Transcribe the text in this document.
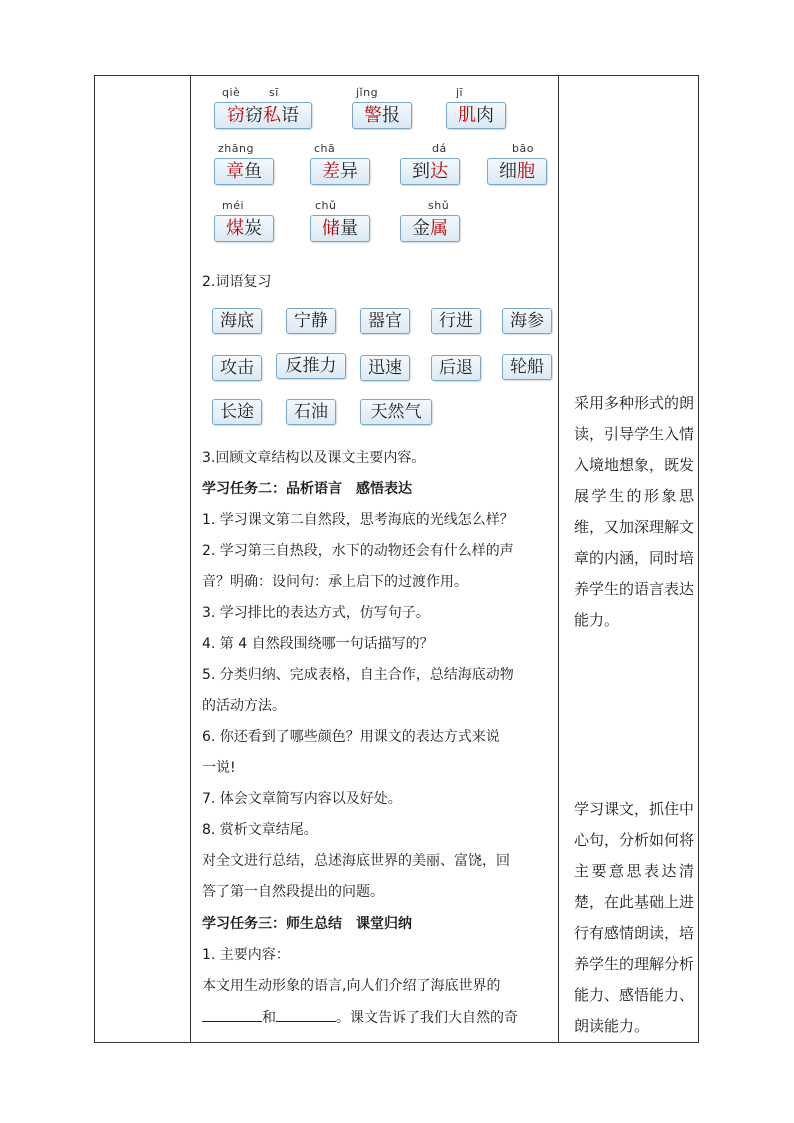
qiè	sī
窃窃私语
jǐng
警报
jī
肌肉
zhāng
章鱼
chā
差异
dá
到达
bāo
细胞
méi
煤炭
chǔ
储量
shǔ
金属
2.词语复习
海底	宁静	器官	行进	海参
攻击	反推力	迅速	后退	轮船
长途	石油	天然气
3.回顾文章结构以及课文主要内容。
学习任务二：品析语言　感悟表达
1. 学习课文第二自然段，思考海底的光线怎么样？
2. 学习第三自热段，水下的动物还会有什么样的声
音？明确：设问句：承上启下的过渡作用。
3. 学习排比的表达方式，仿写句子。
4. 第 4 自然段围绕哪一句话描写的？
5. 分类归纳、完成表格，自主合作，总结海底动物
的活动方法。
6. 你还看到了哪些颜色？用课文的表达方式来说
一说!
7. 体会文章简写内容以及好处。
8. 赏析文章结尾。
对全文进行总结，总述海底世界的美丽、富饶，回
答了第一自然段提出的问题。
学习任务三：师生总结　课堂归纳
1. 主要内容：
本文用生动形象的语言,向人们介绍了海底世界的
和	。课文告诉了我们大自然的奇
采用多种形式的朗读，引导学生入情入境地想象，既发展学生的形象思维，又加深理解文章的内涵，同时培养学生的语言表达能力。
学习课文，抓住中心句，分析如何将主要意思表达清楚，在此基础上进行有感情朗读，培养学生的理解分析能力、感悟能力、朗读能力。
